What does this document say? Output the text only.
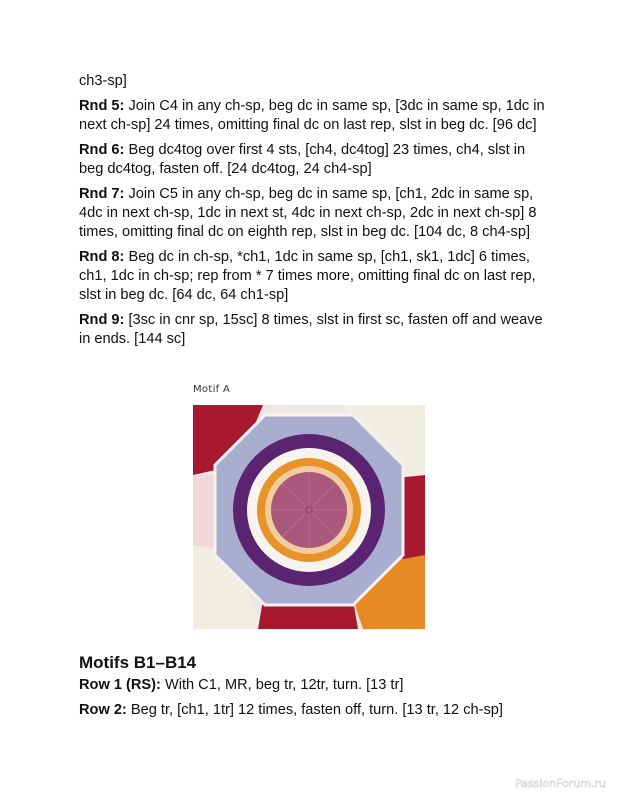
ch3-sp]

Rnd 5: Join C4 in any ch-sp, beg dc in same sp, [3dc in same sp, 1dc in next ch-sp] 24 times, omitting final dc on last rep, slst in beg dc. [96 dc]

Rnd 6: Beg dc4tog over first 4 sts, [ch4, dc4tog] 23 times, ch4, slst in beg dc4tog, fasten off. [24 dc4tog, 24 ch4-sp]

Rnd 7: Join C5 in any ch-sp, beg dc in same sp, [ch1, 2dc in same sp, 4dc in next ch-sp, 1dc in next st, 4dc in next ch-sp, 2dc in next ch-sp] 8 times, omitting final dc on eighth rep, slst in beg dc. [104 dc, 8 ch4-sp]

Rnd 8: Beg dc in ch-sp, *ch1, 1dc in same sp, [ch1, sk1, 1dc] 6 times, ch1, 1dc in ch-sp; rep from * 7 times more, omitting final dc on last rep, slst in beg dc. [64 dc, 64 ch1-sp]

Rnd 9: [3sc in cnr sp, 15sc] 8 times, slst in first sc, fasten off and weave in ends. [144 sc]

Motif A
Motifs B1–B14

Row 1 (RS): With C1, MR, beg tr, 12tr, turn. [13 tr]

Row 2: Beg tr, [ch1, 1tr] 12 times, fasten off, turn. [13 tr, 12 ch-sp]

PassionForum.ru
